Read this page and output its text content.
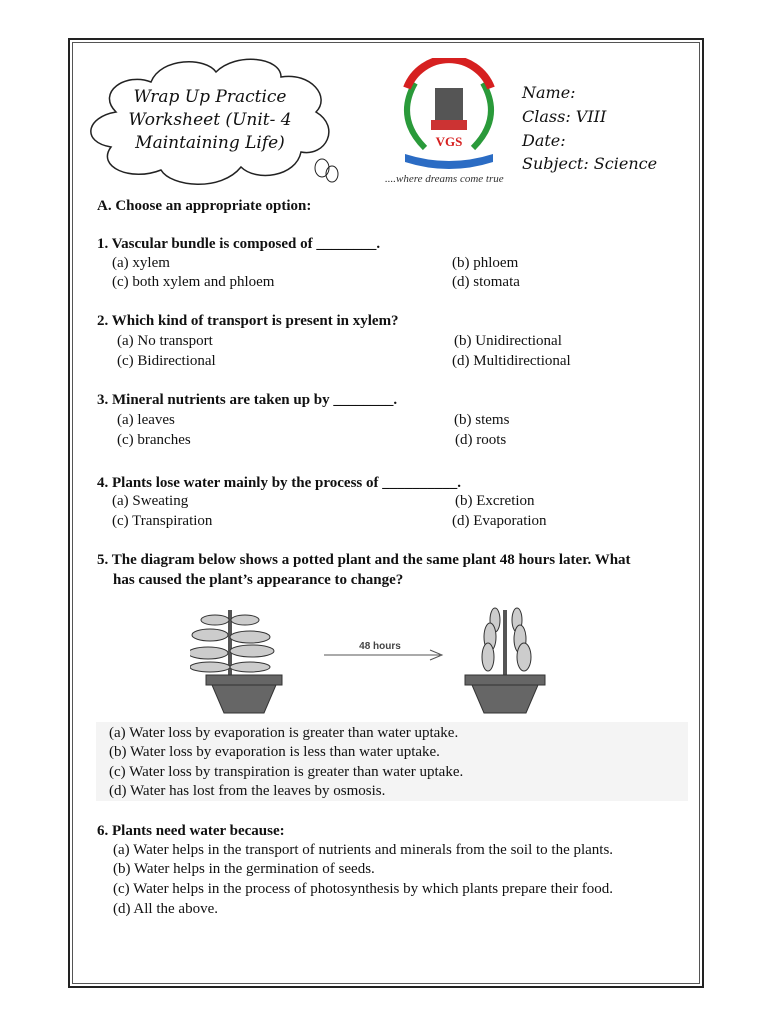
Wrap Up Practice
Worksheet (Unit- 4
Maintaining Life)	VGS
....where dreams come true
Name:
Class: VIII
Date:
Subject: Science
A. Choose an appropriate option:
1. Vascular bundle is composed of ________.
(a) xylem	(b) phloem
(c) both xylem and phloem	(d) stomata
2. Which kind of transport is present in xylem?
(a) No transport	(b) Unidirectional
(c) Bidirectional	(d) Multidirectional
3. Mineral nutrients are taken up by ________.
(a) leaves	(b) stems
(c) branches	(d) roots
4. Plants lose water mainly by the process of __________.
(a) Sweating	(b) Excretion
(c) Transpiration	(d) Evaporation
5. The diagram below shows a potted plant and the same plant 48 hours later. What
has caused the plant’s appearance to change?
48 hours
(a) Water loss by evaporation is greater than water uptake.
(b) Water loss by evaporation is less than water uptake.
(c) Water loss by transpiration is greater than water uptake.
(d) Water has lost from the leaves by osmosis.
6. Plants need water because:
(a) Water helps in the transport of nutrients and minerals from the soil to the plants.
(b) Water helps in the germination of seeds.
(c) Water helps in the process of photosynthesis by which plants prepare their food.
(d) All the above.
